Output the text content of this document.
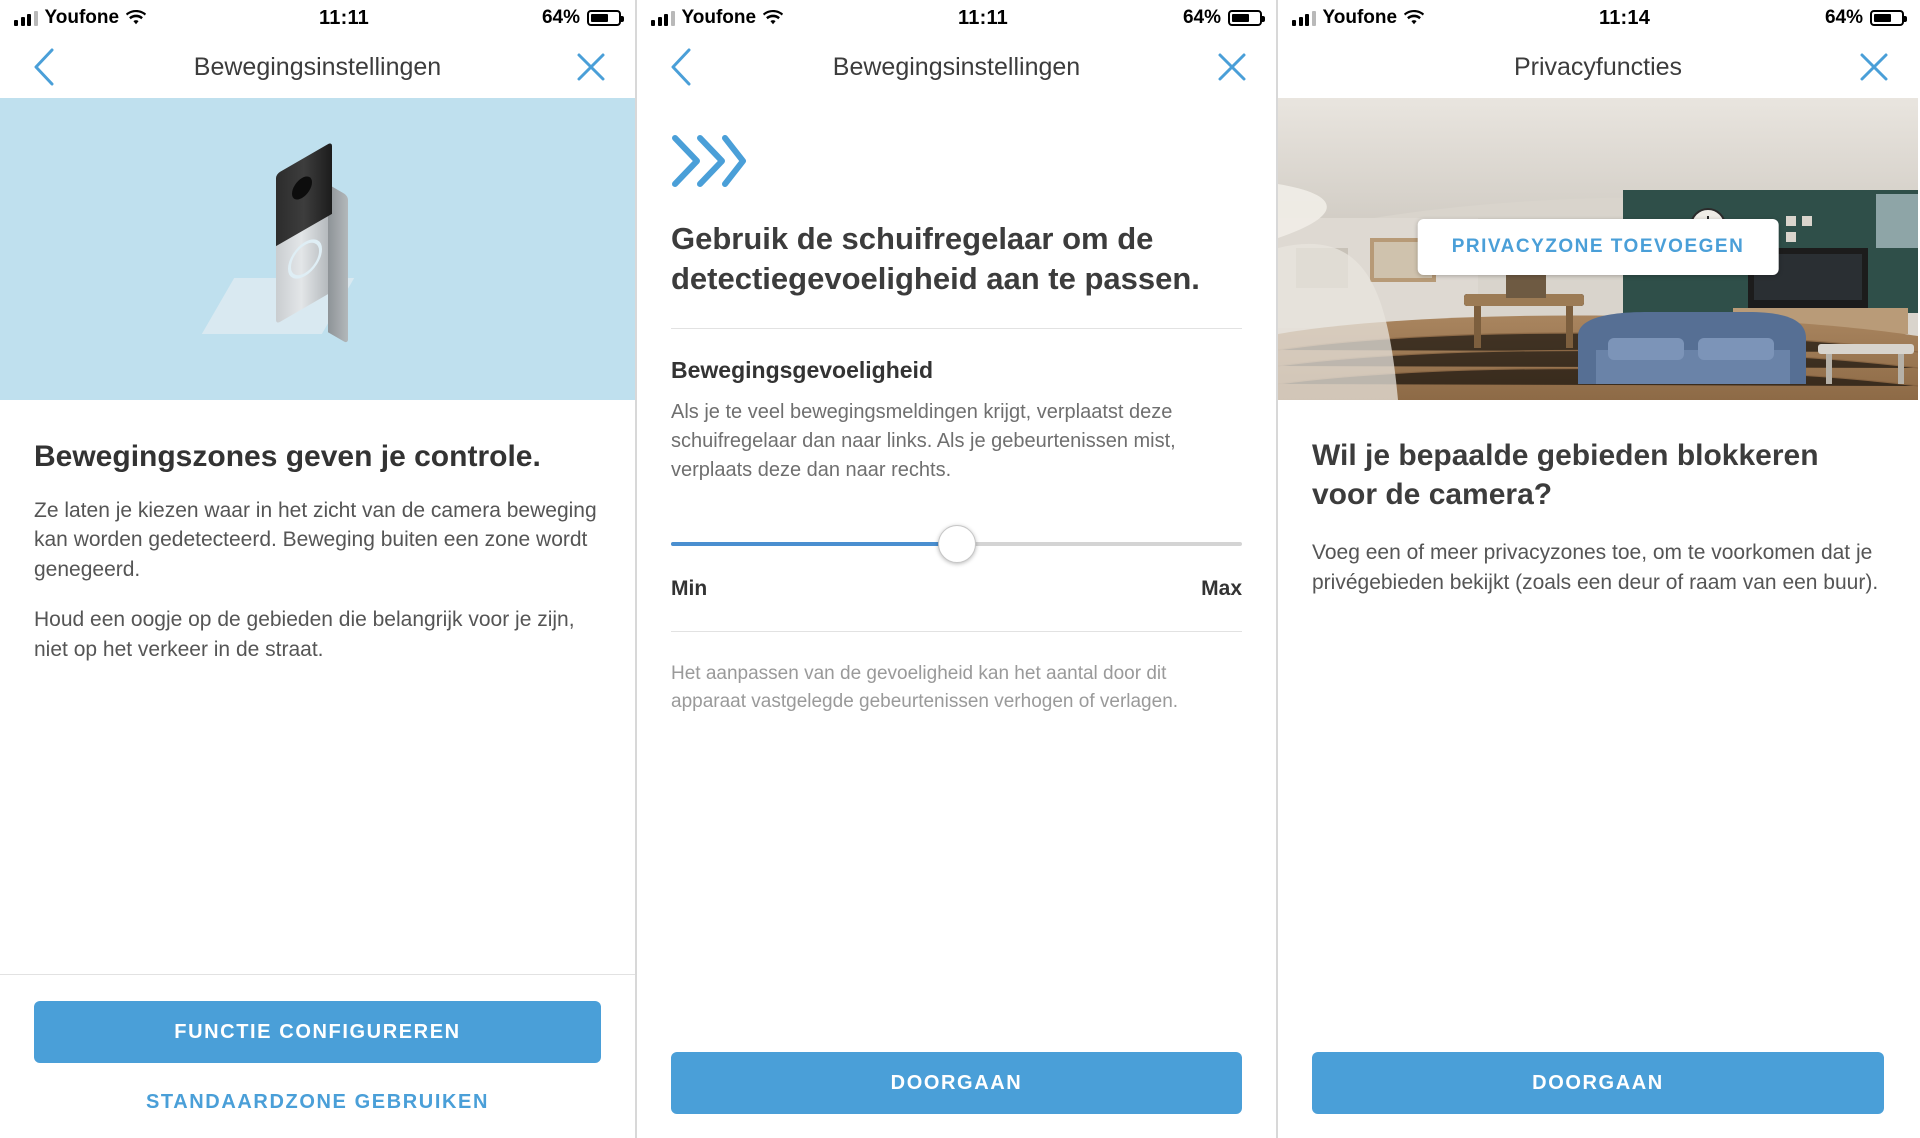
Youfone	11:11	64%
Bewegingsinstellingen
Bewegingszones geven je controle.

Ze laten je kiezen waar in het zicht van de camera beweging kan worden gedetecteerd. Beweging buiten een zone wordt genegeerd.

Houd een oogje op de gebieden die belangrijk voor je zijn, niet op het verkeer in de straat.

FUNCTIE CONFIGUREREN
STANDAARDZONE GEBRUIKEN
Youfone	11:11	64%
Bewegingsinstellingen
Gebruik de schuifregelaar om de detectiegevoeligheid aan te passen.
Bewegingsgevoeligheid

Als je te veel bewegingsmeldingen krijgt, verplaatst deze schuifregelaar dan naar links. Als je gebeurtenissen mist, verplaats deze dan naar rechts.

Min	Max

Het aanpassen van de gevoeligheid kan het aantal door dit apparaat vastgelegde gebeurtenissen verhogen of verlagen.

DOORGAAN
Youfone	11:14	64%
Privacyfuncties
PRIVACYZONE TOEVOEGEN
Wil je bepaalde gebieden blokkeren voor de camera?

Voeg een of meer privacyzones toe, om te voorkomen dat je privégebieden bekijkt (zoals een deur of raam van een buur).

DOORGAAN
